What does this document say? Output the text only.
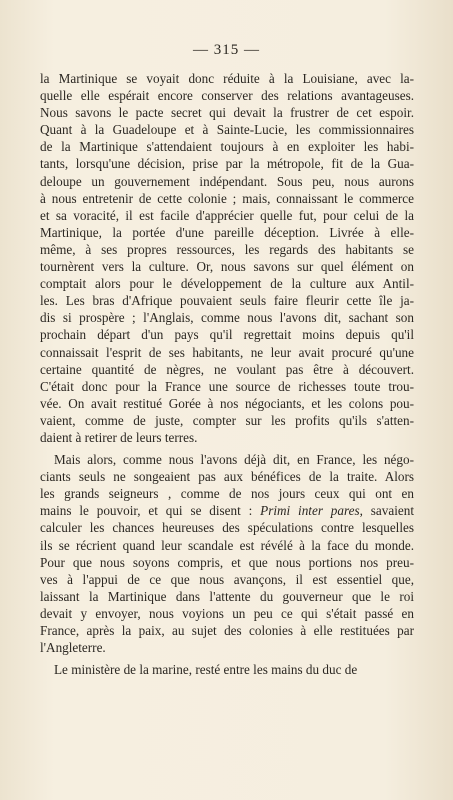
— 315 —
la Martinique se voyait donc réduite à la Louisiane, avec la-
quelle elle espérait encore conserver des relations avantageuses.
Nous savons le pacte secret qui devait la frustrer de cet espoir.
Quant à la Guadeloupe et à Sainte-Lucie, les commissionnaires
de la Martinique s'attendaient toujours à en exploiter les habi-
tants, lorsqu'une décision, prise par la métropole, fit de la Gua-
deloupe un gouvernement indépendant. Sous peu, nous aurons
à nous entretenir de cette colonie ; mais, connaissant le commerce
et sa voracité, il est facile d'apprécier quelle fut, pour celui de la
Martinique, la portée d'une pareille déception. Livrée à elle-
même, à ses propres ressources, les regards des habitants se
tournèrent vers la culture. Or, nous savons sur quel élément on
comptait alors pour le développement de la culture aux Antil-
les. Les bras d'Afrique pouvaient seuls faire fleurir cette île ja-
dis si prospère ; l'Anglais, comme nous l'avons dit, sachant son
prochain départ d'un pays qu'il regrettait moins depuis qu'il
connaissait l'esprit de ses habitants, ne leur avait procuré qu'une
certaine quantité de nègres, ne voulant pas être à découvert.
C'était donc pour la France une source de richesses toute trou-
vée. On avait restitué Gorée à nos négociants, et les colons pou-
vaient, comme de juste, compter sur les profits qu'ils s'atten-
daient à retirer de leurs terres.
Mais alors, comme nous l'avons déjà dit, en France, les négo-
ciants seuls ne songeaient pas aux bénéfices de la traite. Alors
les grands seigneurs , comme de nos jours ceux qui ont en
mains le pouvoir, et qui se disent : Primi inter pares, savaient
calculer les chances heureuses des spéculations contre lesquelles
ils se récrient quand leur scandale est révélé à la face du monde.
Pour que nous soyons compris, et que nous portions nos preu-
ves à l'appui de ce que nous avançons, il est essentiel que,
laissant la Martinique dans l'attente du gouverneur que le roi
devait y envoyer, nous voyions un peu ce qui s'était passé en
France, après la paix, au sujet des colonies à elle restituées par
l'Angleterre.
Le ministère de la marine, resté entre les mains du duc de
